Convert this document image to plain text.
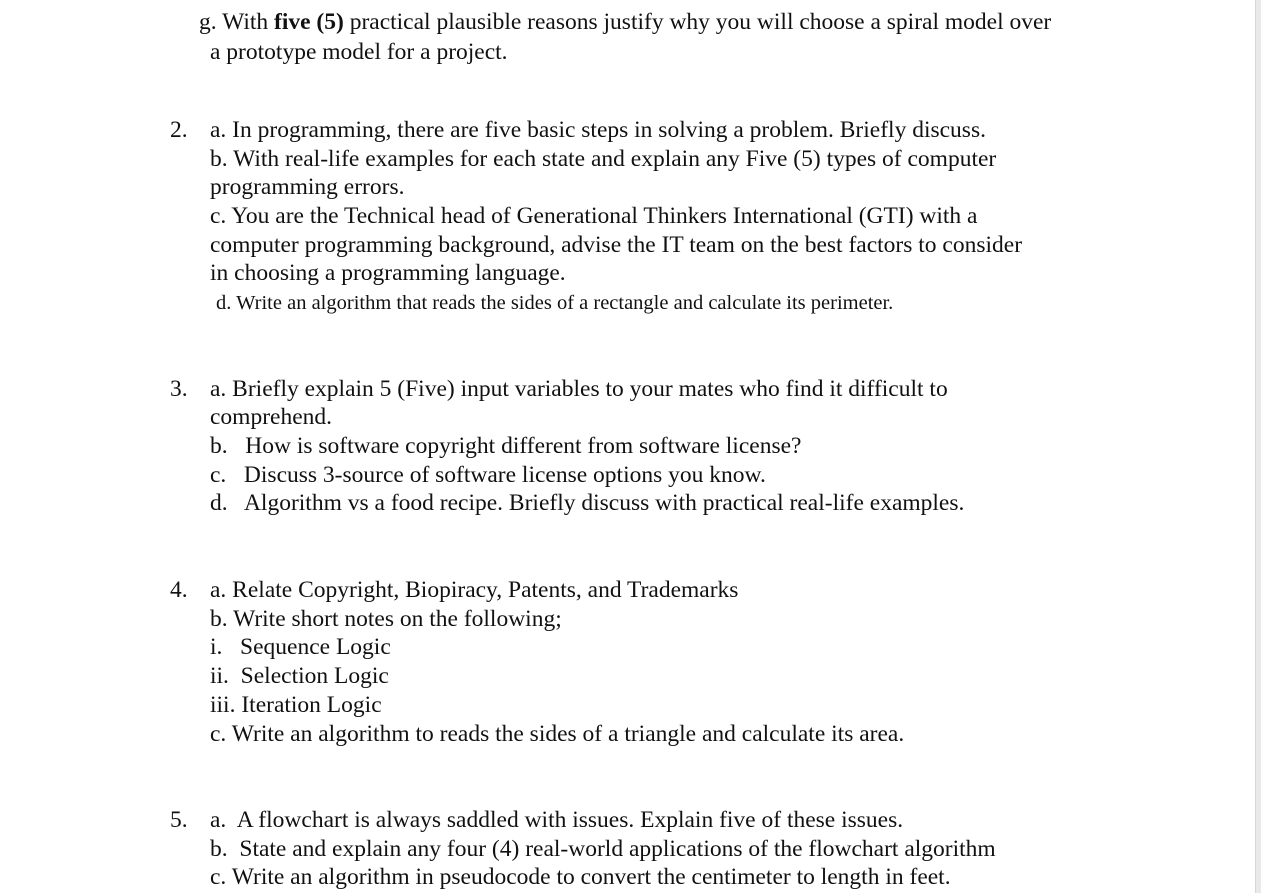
g. With five (5) practical plausible reasons justify why you will choose a spiral model over
a prototype model for a project.
2. a. In programming, there are five basic steps in solving a problem. Briefly discuss.
b. With real-life examples for each state and explain any Five (5) types of computer
programming errors.
c. You are the Technical head of Generational Thinkers International (GTI) with a
computer programming background, advise the IT team on the best factors to consider
in choosing a programming language.
d. Write an algorithm that reads the sides of a rectangle and calculate its perimeter.
3. a. Briefly explain 5 (Five) input variables to your mates who find it difficult to
comprehend.
b.   How is software copyright different from software license?
c.   Discuss 3-source of software license options you know.
d.   Algorithm vs a food recipe. Briefly discuss with practical real-life examples.
4. a. Relate Copyright, Biopiracy, Patents, and Trademarks
b. Write short notes on the following;
i.   Sequence Logic
ii.  Selection Logic
iii. Iteration Logic
c. Write an algorithm to reads the sides of a triangle and calculate its area.
5. a.  A flowchart is always saddled with issues. Explain five of these issues.
b.  State and explain any four (4) real-world applications of the flowchart algorithm
c. Write an algorithm in pseudocode to convert the centimeter to length in feet.
